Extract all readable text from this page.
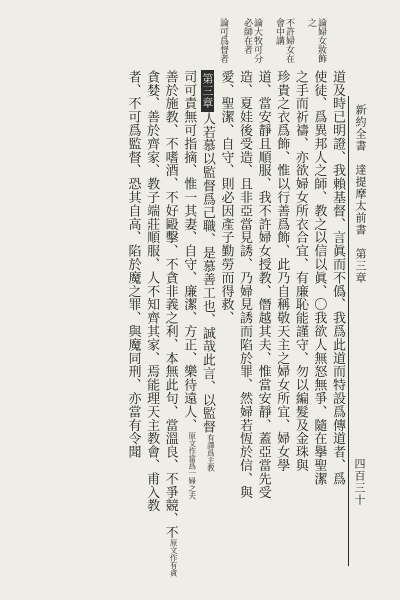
新約全書　達提摩太前書　第三章
四百三十
論婦女妝飾之
不許婦女在會中講
論大牧可分必師在者
論可爲督者
道及時已明證、我賴基督、言眞而不僞、我爲此道而特設爲傳道者、爲
使徒、爲異邦人之師、教之以信以眞、〇我欲人無怒無爭、隨在擧聖潔
之手而祈禱、亦欲婦女所衣合宜、有廉恥能謹守、勿以編髮及金珠與
珍貴之衣爲飾、惟以行善爲飾、此乃自稱敬天主之婦女所宜、婦女學
道、當安靜且順服、我不許婦女授教、僭越其夫、惟當安靜、蓋亞當先受
造、夏娃後受造、且非亞當見誘、乃婦見誘而陷於罪、然婦若恆於信、與
愛、聖潔、自守、則必因產子勤勞而得救、
第三章人若慕以監督爲己職、是慕善工也、誠哉此言、以監督有譯爲主教
司可責無可指摘、惟一其妻、自守、廉潔、方正、樂待遠人、原文作當爲一婦之夫
善於施教、不嗜酒、不好毆擊、不貪非義之利、本無此句、當溫良、不爭競、不原文作有貪
貪婪、善於齊家、教子端莊順服、人不知齊其家、焉能理天主教會、甫入教
者、不可爲監督、恐其自高、陷於魔之罪、與魔同刑、亦當有令聞
